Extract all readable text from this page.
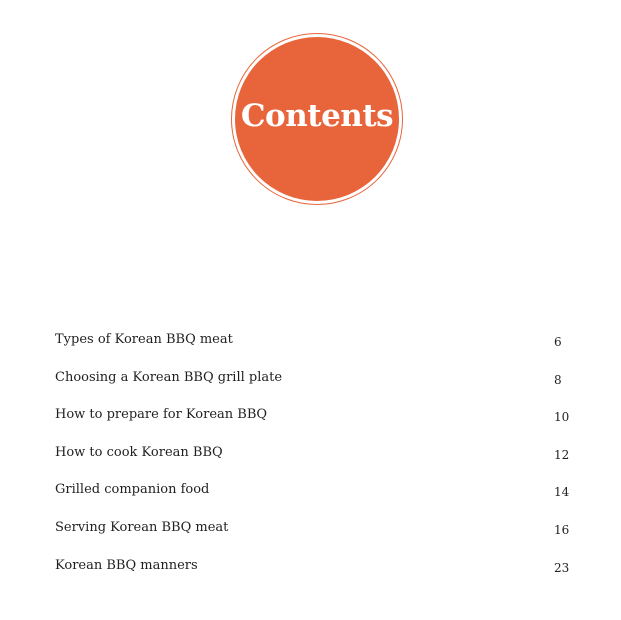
Contents
Types of Korean BBQ meat	6
Choosing a Korean BBQ grill plate	8
How to prepare for Korean BBQ	10
How to cook Korean BBQ	12
Grilled companion food	14
Serving Korean BBQ meat	16
Korean BBQ manners	23
